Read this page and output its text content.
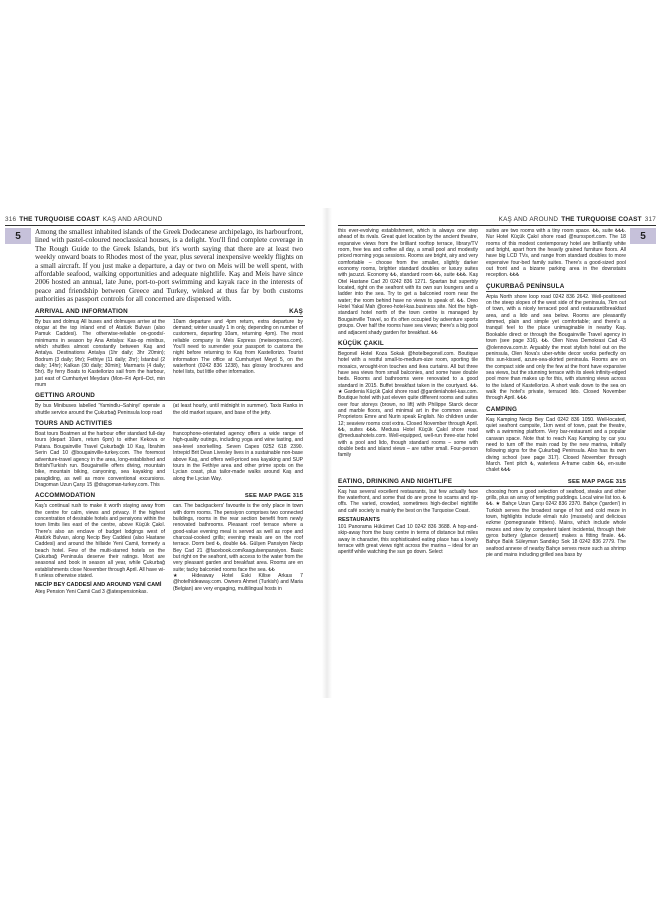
316 THE TURQUOISE COAST KAŞ AND AROUND
5	Among the smallest inhabited islands of the Greek Dodecanese archipelago, its harbourfront, lined with pastel-coloured neoclassical houses, is a delight. You'll find complete coverage in The Rough Guide to the Greek Islands, but it's worth saying that there are at least two weekly onward boats to Rhodes most of the year, plus several inexpensive weekly flights on a small aircraft. If you just make a departure, a day or two on Meis will be well spent, with affordable seafood, walking opportunities and adequate nightlife. Kaş and Meis have since 2006 hosted an annual, late June, port-to-port swimming and kayak race in the interests of peace and friendship between Greece and Turkey, winked at thus far by both customs authorities as passport controls for all concerned are dispensed with.

ARRIVAL AND INFORMATION	KAŞ

By bus and dolmuş All buses and dolmuşes arrive at the otogar at the top inland end of Atatürk Bulvarı (also Pamuk Caddesi). The otherwise-reliable on-goods/-minimums in season by Ana Antalya: Kas-op minibus, which shuttles almost constantly between Kaş and Antalya. Destinations Antalya (1hr daily; 3hr 20min); Bodrum (3 daily; 9hr); Fethiye (11 daily; 2hr); İstanbul (2 daily; 14hr); Kalkan (30 daily; 30min); Marmaris (4 daily; 5hr). By ferry Boats to Kastellorizo sail from the harbour, just east of Cumhuriyet Meydanı (Mon–Fri April–Oct, min mum

10am departure and 4pm return, extra departure by demand; winter usually 1 in only, depending on number of customers, departing 10am, returning 4pm). The most reliable company is Meis Express (meisexpress.com). You'll need to surrender your passport to customs the night before returning to Kaş from Kastellorizo. Tourist information The office at Cumhuriyet Meyd 5, on the waterfront (0242 836 1238), has glossy brochures and hotel lists, but little other information.

GETTING AROUND

By bus Minibuses labelled 'Yamindlu–Sahinyi' operate a shuttle service around the Çukurbağ Peninsula loop road

(at least hourly, until midnight in summer). Taxis Ranks in the old market square, and base of the jetty.

TOURS AND ACTIVITIES

Boat tours Boatmen at the harbour offer standard full-day tours (depart 10am, return 6pm) to either Kekova or Patara. Bougainville Travel Çukurbağlı 10 Kaş, İbrahim Serin Cad 10 @bougainville-turkey.com. The foremost adventure-travel agency in the area, long-established and British/Turkish run. Bougainville offers diving, mountain bike, mountain biking, canyoning, sea kayaking and paragliding, as well as more conventional excursions. Dragoman Uzun Çarşı 15 @dragoman-turkey.com. This

francophone-orientated agency offers a wide range of high-quality outings, including yoga and wine tasting, and sea-level snorkelling. Seven Capes 0252 618 2390. Intrepid Brit Dean Livesley lives in a sustainable non-base above Kaş, and offers well-priced sea kayaking and SUP tours in the Fethiye area and other prime spots on the Lycian coast, plus tailor-made walks around Kaş and along the Lycian Way.

ACCOMMODATION	SEE MAP PAGE 315

Kaş's continual rush to make it worth staying away from the centre for calm, views and privacy. If the highest concentration of desirable hotels and pensiyons within the town limits lies east of the centre, above Küçük Çakıl. There's also an enclave of budget lodgings west of Atatürk Bulvarı, along Necip Bey Caddesi (also Hastane Caddesi) and around the hillside Yeni Camii, formerly a beach hotel. Few of the multi-starred hotels on the Çukurbağ Peninsula deserve their ratings. Most are seasonal and book in season all year, while Çukurbağ establishments close November through April. All have wi-fi unless otherwise stated.

NECİP BEY CADDESİ AND AROUND YENİ CAMİ

Ateş Pension Yeni Camii Cad 3 @atespensionkas.

can. The backpackers' favourite is the only place in town with dorm rooms. The pensiyon comprises two connected buildings, rooms in the rear section benefit from newly renovated bathrooms. Pleasant roof terrace where a good-value evening meal is served as well as rope and charcoal-cooked grills; evening meals are on the roof terrace. Dorm bed ₺, double ₺₺. Gülşen Pansiyon Necip Bey Cad 21 @facebook.com/kasgulsenpansiyon. Basic but right on the seafront, with access to the water from the very pleasant garden and breakfast area. Rooms are en suite; tacky balconied rooms face the sea. ₺₺

★ Hideaway Hotel Eski Kilise Arkası 7 @hotelhideaway.com. Owners Ahmet (Turkish) and Maria (Belgian) are very engaging, multilingual hosts in

KAŞ AND AROUND THE TURQUOISE COAST 317
5

this ever-evolving establishment, which is always one step ahead of its rivals. Great quiet location by the ancient theatre, expansive views from the brilliant rooftop terrace, library/TV room, free tea and coffee all day, a small pool and modestly priced morning yoga sessions. Rooms are bright, airy and very comfortable – choose from the smaller, slightly darker economy rooms, brighter standard doubles or luxury suites with jacuzzi. Economy ₺₺, standard room ₺₺, suite ₺₺₺. Kaş Otel Hastane Cad 20 0242 836 1271. Spartan but superbly located, right on the seafront with its own sun loungers and a ladder into the sea. Try to get a balconied room near the water; the room behind have no views to speak of. ₺₺. Oreo Hotel Yakal Mah @oreo-hotel-kas.business site. Not the high-standard hotel north of the town centre is managed by Bougainville Travel, so it's often occupied by adventure sports groups. Over half the rooms have sea views; there's a big pool and adjacent shady garden for breakfast. ₺₺

KÜÇÜK ÇAKIL

Begonvil Hotel Koza Sokak @hotelbegonvil.com. Boutique hotel with a restful small-to-medium-size room, sporting tile mosaics, wrought-iron touches and ikea curtains. All but three have sea views from small balconies, and some have double beds. Rooms and bathrooms were renovated to a good standard in 2015. Buffet breakfast taken in the courtyard. ₺₺. ★ Gardenia Küçük Çakıl shore road @gardeniahotel-kas.com. Boutique hotel with just eleven quite different rooms and suites over four storeys (brown, no lift) with Philippe Starck decor and marble floors, and minimal art in the common areas. Proprietors Emre and Nurin speak English. No children under 12; seaview rooms cost extra. Closed November through April. ₺₺, suites ₺₺₺. Medusa Hotel Küçük Çakıl shore road @medusahotels.com. Well-equipped, well-run three-star hotel with a pool and lido, though standard rooms – some with double beds and island views – are rather small. Four-person family

suites are two rooms with a tiny room space. ₺₺, suite ₺₺₺. Nur Hotel Küçük Çakıl shore road @nurxsport.com. The 18 rooms of this modest contemporary hotel are brilliantly white and bright, apart from the heavily grained furniture floors. All have big LCD TVs, and range from standard doubles to more expensive four-bed family suites. There's a good-sized pool out front and a bizarre parking area in the downstairs reception. ₺₺₺

ÇUKURBAĞ PENİNSULA

Arpia North shore loop road 0242 836 2642. Well-positioned on the steep slopes of the west side of the peninsula, 7km out of town, with a nicely terraced pool and restaurant/breakfast area, and a lido and sea below. Rooms are pleasantly dimmed, plain and simple yet comfortable; and there's a tranquil feel to the place unimaginable in nearby Kaş. Bookable direct or through the Bougainville Travel agency in town (see page 316). ₺₺. Olen Nova Demokrasi Cad 43 @olennova.com.tr. Arguably the most stylish hotel out on the peninsula, Olen Nova's uber-white decor works perfectly on this sun-kissed, azure-sea-skirted peninsula. Rooms are on the compact side and only the few at the front have expansive sea views, but the stunning terrace with its sleek infinity-edged pool more than makes up for this, with stunning views across to the island of Kastellorizo. A short walk down to the sea on walk the hotel's private, terraced lido. Closed November through April. ₺₺₺

CAMPING

Kaş Kamping Necip Bey Cad 0242 836 1050. Well-located, quiet seafront campsite, 1km west of town, past the theatre, with a swimming platform. Very bar-restaurant and a popular caravan space. Note that to reach Kaş Kamping by car you need to turn off the main road by the new marina, initially following signs for the Çukurbağ Peninsula. Also has its own diving school (see page 317). Closed November through March. Tent pitch ₺, waterless A-frame cabin ₺₺, en-suite chalet ₺₺₺

EATING, DRINKING AND NIGHTLIFE	SEE MAP PAGE 315

Kaş has several excellent restaurants, but few actually face the waterfront, and some that do are prone to scams and rip-offs. The varied, crowded, sometimes high-decibel nightlife and café society is mainly the best on the Turquoise Coast.

RESTAURANTS

101 Panorama Hükümet Cad 10 0242 836 3688. A hop-and-skip-away from the busy centre in terms of distance but miles away in character, this sophisticated eating place has a lovely terrace with great views right across the marina – ideal for an aperitif while watching the sun go down. Select

choosing from a good selection of seafood, steaks and other grills, plus an array of tempting puddings. Local wine list too. ₺₺₺. ★ Bahçe Uzun Çarşı 0242 836 2370. Bahçe ('garden') in Turkish serves the broadest range of hot and cold meze in town, highlights include elmalı rulo (mussels) and delicious ezkme (pomegranate fritters). Mains, which include whole mezes and stew by competent talent incidental, through their gyros buttery (glance dessert) makes a fitting finale. ₺₺. Bahçe Balık Süleyman Sandıkçı Sok 18 0242 836 2779. The seafood annexe of nearby Bahçe serves meze such as shrimp pie and mains including grilled sea bass by
